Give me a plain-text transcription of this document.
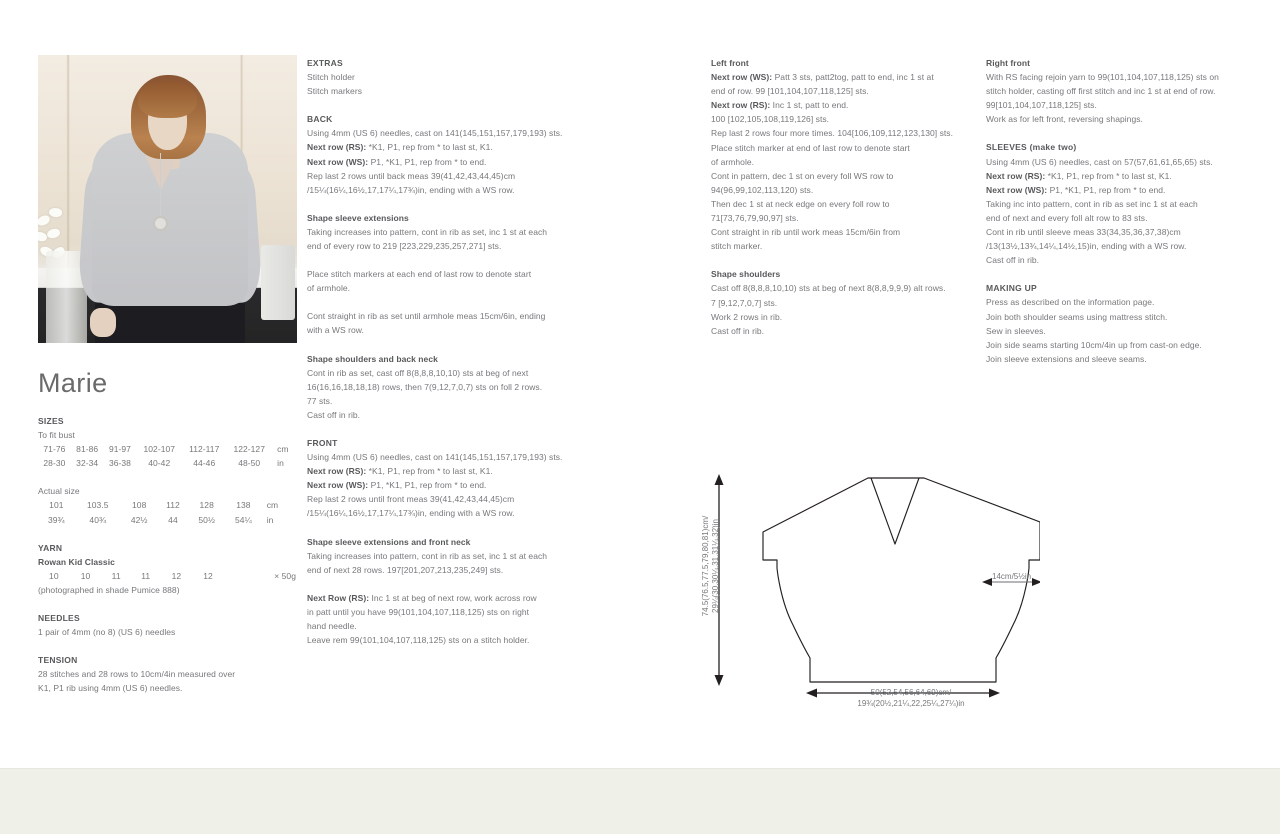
Marie
SIZES

To fit bust

71-76	81-86	91-97	102-107	112-117	122-127	cm
28-30	32-34	36-38	40-42	44-46	48-50	in

Actual size

101	103.5	108	112	128	138	cm
39¾	40¾	42½	44	50½	54¼	in
YARN
Rowan Kid Classic
10	10	11	11	12	12	× 50g

(photographed in shade Pumice 888)

NEEDLES

1 pair of 4mm (no 8) (US 6) needles

TENSION

28 stitches and 28 rows to 10cm/4in measured over

K1, P1 rib using 4mm (US 6) needles.

EXTRAS

Stitch holder

Stitch markers

BACK

Using 4mm (US 6) needles, cast on 141(145,151,157,179,193) sts.

Next row (RS): *K1, P1, rep from * to last st, K1.

Next row (WS): P1, *K1, P1, rep from * to end.

Rep last 2 rows until back meas 39(41,42,43,44,45)cm

/15¼(16¼,16½,17,17¼,17¾)in, ending with a WS row.

Shape sleeve extensions

Taking increases into pattern, cont in rib as set, inc 1 st at each

end of every row to 219 [223,229,235,257,271] sts.

Place stitch markers at each end of last row to denote start

of armhole.

Cont straight in rib as set until armhole meas 15cm/6in, ending

with a WS row.

Shape shoulders and back neck

Cont in rib as set, cast off 8(8,8,8,10,10) sts at beg of next

16(16,16,18,18,18) rows, then 7(9,12,7,0,7) sts on foll 2 rows.

77 sts.

Cast off in rib.

FRONT

Using 4mm (US 6) needles, cast on 141(145,151,157,179,193) sts.

Next row (RS): *K1, P1, rep from * to last st, K1.

Next row (WS): P1, *K1, P1, rep from * to end.

Rep last 2 rows until front meas 39(41,42,43,44,45)cm

/15¼(16¼,16½,17,17¼,17¾)in, ending with a WS row.

Shape sleeve extensions and front neck

Taking increases into pattern, cont in rib as set, inc 1 st at each

end of next 28 rows. 197[201,207,213,235,249] sts.

Next Row (RS): Inc 1 st at beg of next row, work across row

in patt until you have 99(101,104,107,118,125) sts on right

hand needle.

Leave rem 99(101,104,107,118,125) sts on a stitch holder.

Left front

Next row (WS): Patt 3 sts, patt2tog, patt to end, inc 1 st at

end of row. 99 [101,104,107,118,125] sts.

Next row (RS): Inc 1 st, patt to end.

100 [102,105,108,119,126] sts.

Rep last 2 rows four more times. 104[106,109,112,123,130] sts.

Place stitch marker at end of last row to denote start

of armhole.

Cont in pattern, dec 1 st on every foll WS row to

94(96,99,102,113,120) sts.

Then dec 1 st at neck edge on every foll row to

71[73,76,79,90,97] sts.

Cont straight in rib until work meas 15cm/6in from

stitch marker.

Shape shoulders

Cast off 8(8,8,8,10,10) sts at beg of next 8(8,8,9,9,9) alt rows.

7 [9,12,7,0,7] sts.

Work 2 rows in rib.

Cast off in rib.

Right front

With RS facing rejoin yarn to 99(101,104,107,118,125) sts on

stitch holder, casting off first stitch and inc 1 st at end of row.

99[101,104,107,118,125] sts.

Work as for left front, reversing shapings.

SLEEVES (make two)

Using 4mm (US 6) needles, cast on 57(57,61,61,65,65) sts.

Next row (RS): *K1, P1, rep from * to last st, K1.

Next row (WS): P1, *K1, P1, rep from * to end.

Taking inc into pattern, cont in rib as set inc 1 st at each

end of next and every foll alt row to 83 sts.

Cont in rib until sleeve meas 33(34,35,36,37,38)cm

/13(13½,13¾,14¼,14½,15)in, ending with a WS row.

Cast off in rib.

MAKING UP

Press as described on the information page.

Join both shoulder seams using mattress stitch.

Sew in sleeves.

Join side seams starting 10cm/4in up from cast-on edge.

Join sleeve extensions and sleeve seams.

74.5(76.5,77.5,79,80,81)cm/
29¼(30,30¼,31,31¼,32)in
50(52,54,56,64,69)cm/
19¾(20½,21¼,22,25¼,27¼)in
14cm/5½in
